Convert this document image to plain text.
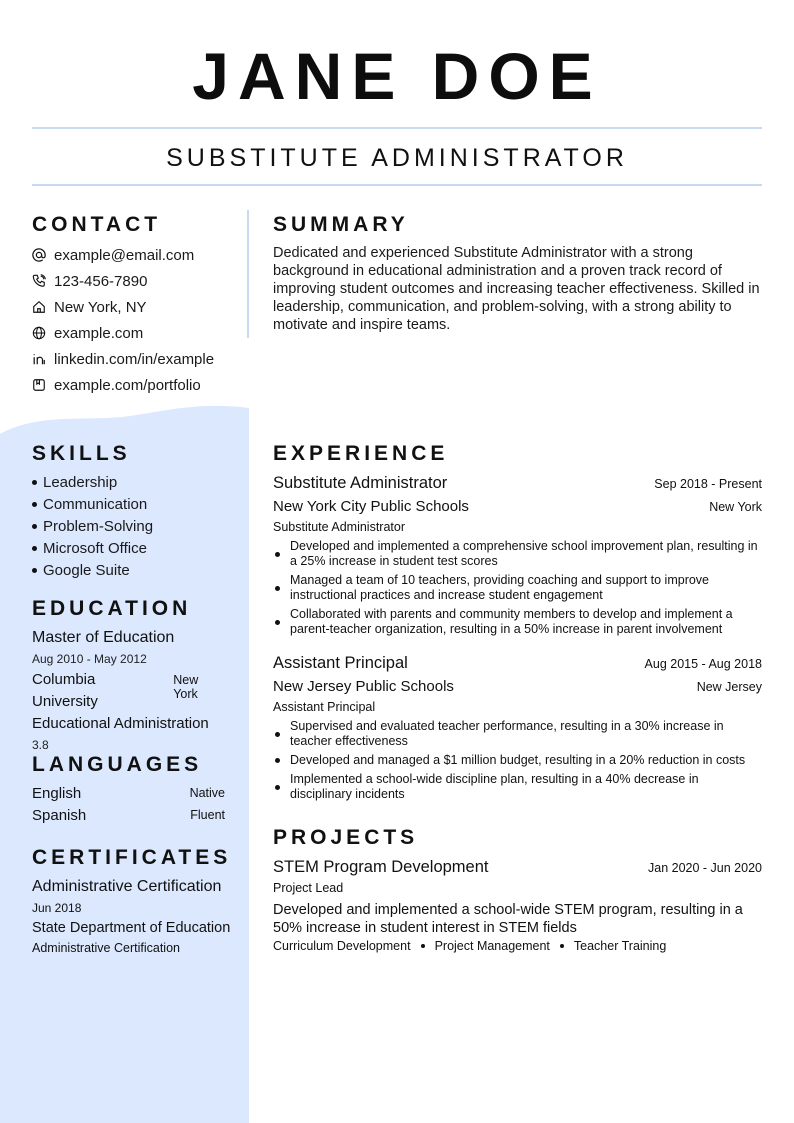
JANE DOE
SUBSTITUTE ADMINISTRATOR
CONTACT
example@email.com
123-456-7890
New York, NY
example.com
linkedin.com/in/example
example.com/portfolio
SUMMARY
Dedicated and experienced Substitute Administrator with a strong background in educational administration and a proven track record of improving student outcomes and increasing teacher effectiveness. Skilled in leadership, communication, and problem-solving, with a strong ability to motivate and inspire teams.
SKILLS
Leadership
Communication
Problem-Solving
Microsoft Office
Google Suite
EDUCATION
Master of Education
Aug 2010 - May 2012
Columbia University
New York
Educational Administration
3.8
LANGUAGES
English	Native
Spanish	Fluent
CERTIFICATES
Administrative Certification
Jun 2018
State Department of Education
Administrative Certification
EXPERIENCE
Substitute Administrator	Sep 2018 - Present
New York City Public Schools	New York
Substitute Administrator
Developed and implemented a comprehensive school improvement plan, resulting in a 25% increase in student test scores
Managed a team of 10 teachers, providing coaching and support to improve instructional practices and increase student engagement
Collaborated with parents and community members to develop and implement a parent-teacher organization, resulting in a 50% increase in parent involvement
Assistant Principal	Aug 2015 - Aug 2018
New Jersey Public Schools	New Jersey
Assistant Principal
Supervised and evaluated teacher performance, resulting in a 30% increase in teacher effectiveness
Developed and managed a $1 million budget, resulting in a 20% reduction in costs
Implemented a school-wide discipline plan, resulting in a 40% decrease in disciplinary incidents
PROJECTS
STEM Program Development	Jan 2020 - Jun 2020
Project Lead
Developed and implemented a school-wide STEM program, resulting in a 50% increase in student interest in STEM fields
Curriculum Development Project Management Teacher Training
